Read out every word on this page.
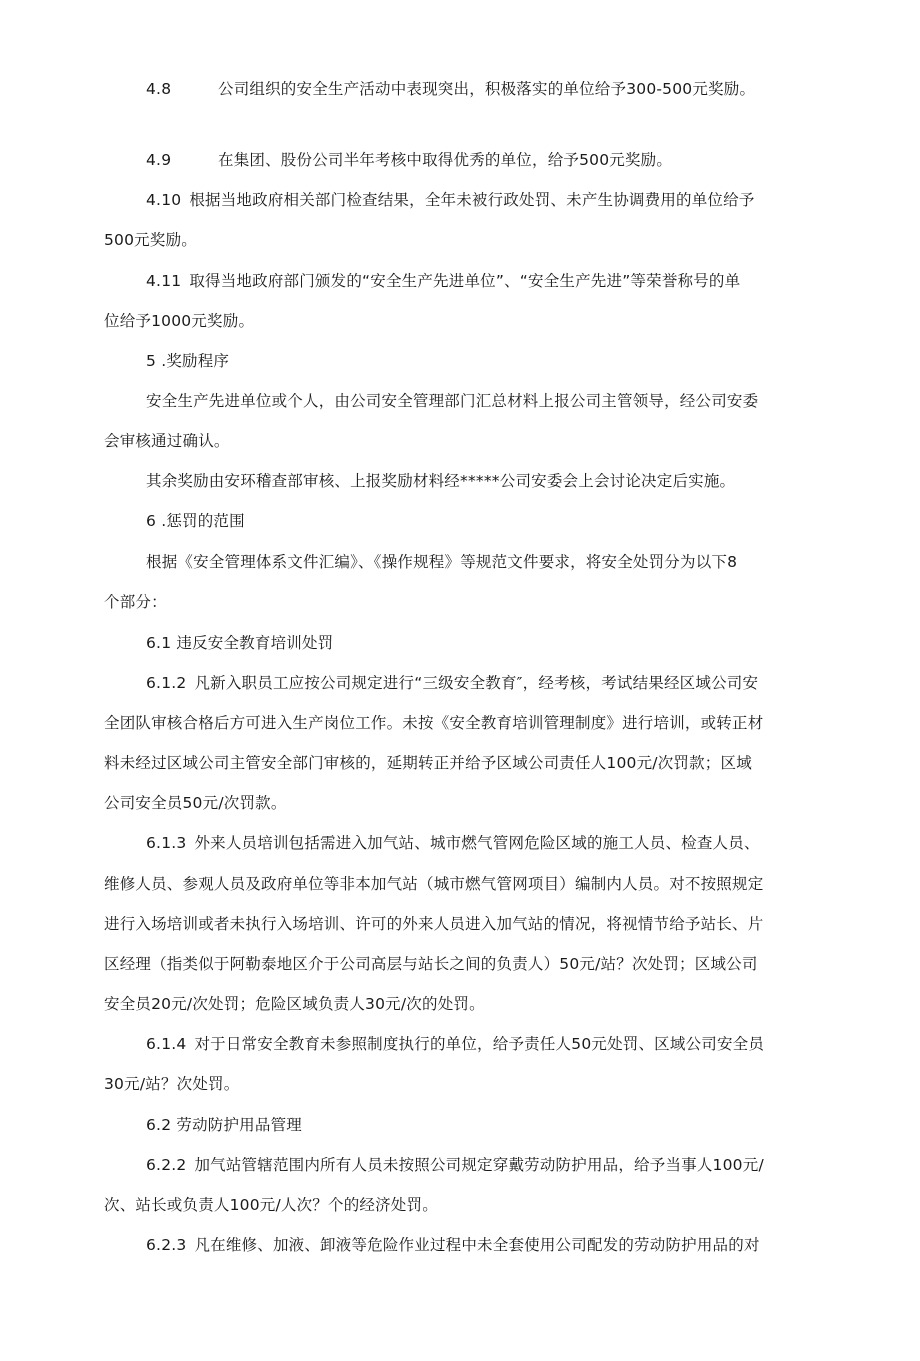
4.8	公司组织的安全生产活动中表现突出，积极落实的单位给予300-500元奖励。
4.9	在集团、股份公司半年考核中取得优秀的单位，给予500元奖励。
4.10 根据当地政府相关部门检查结果，全年未被行政处罚、未产生协调费用的单位给予
500元奖励。
4.11 取得当地政府部门颁发的“安全生产先进单位”、“安全生产先进”等荣誉称号的单
位给予1000元奖励。
5 .奖励程序
安全生产先进单位或个人，由公司安全管理部门汇总材料上报公司主管领导，经公司安委
会审核通过确认。
其余奖励由安环稽查部审核、上报奖励材料经*****公司安委会上会讨论决定后实施。
6 .惩罚的范围
根据《安全管理体系文件汇编》、《操作规程》等规范文件要求，将安全处罚分为以下8
个部分：
6.1 违反安全教育培训处罚
6.1.2 凡新入职员工应按公司规定进行“三级安全教育″，经考核，考试结果经区域公司安
全团队审核合格后方可进入生产岗位工作。未按《安全教育培训管理制度》进行培训，或转正材
料未经过区域公司主管安全部门审核的，延期转正并给予区域公司责任人100元/次罚款；区域
公司安全员50元/次罚款。
6.1.3 外来人员培训包括需进入加气站、城市燃气管网危险区域的施工人员、检查人员、
维修人员、参观人员及政府单位等非本加气站（城市燃气管网项目）编制内人员。对不按照规定
进行入场培训或者未执行入场培训、许可的外来人员进入加气站的情况，将视情节给予站长、片
区经理（指类似于阿勒泰地区介于公司高层与站长之间的负责人）50元/站？次处罚；区域公司
安全员20元/次处罚；危险区域负责人30元/次的处罚。
6.1.4 对于日常安全教育未参照制度执行的单位，给予责任人50元处罚、区域公司安全员
30元/站？次处罚。
6.2 劳动防护用品管理
6.2.2 加气站管辖范围内所有人员未按照公司规定穿戴劳动防护用品，给予当事人100元/
次、站长或负责人100元/人次？个的经济处罚。
6.2.3 凡在维修、加液、卸液等危险作业过程中未全套使用公司配发的劳动防护用品的对
